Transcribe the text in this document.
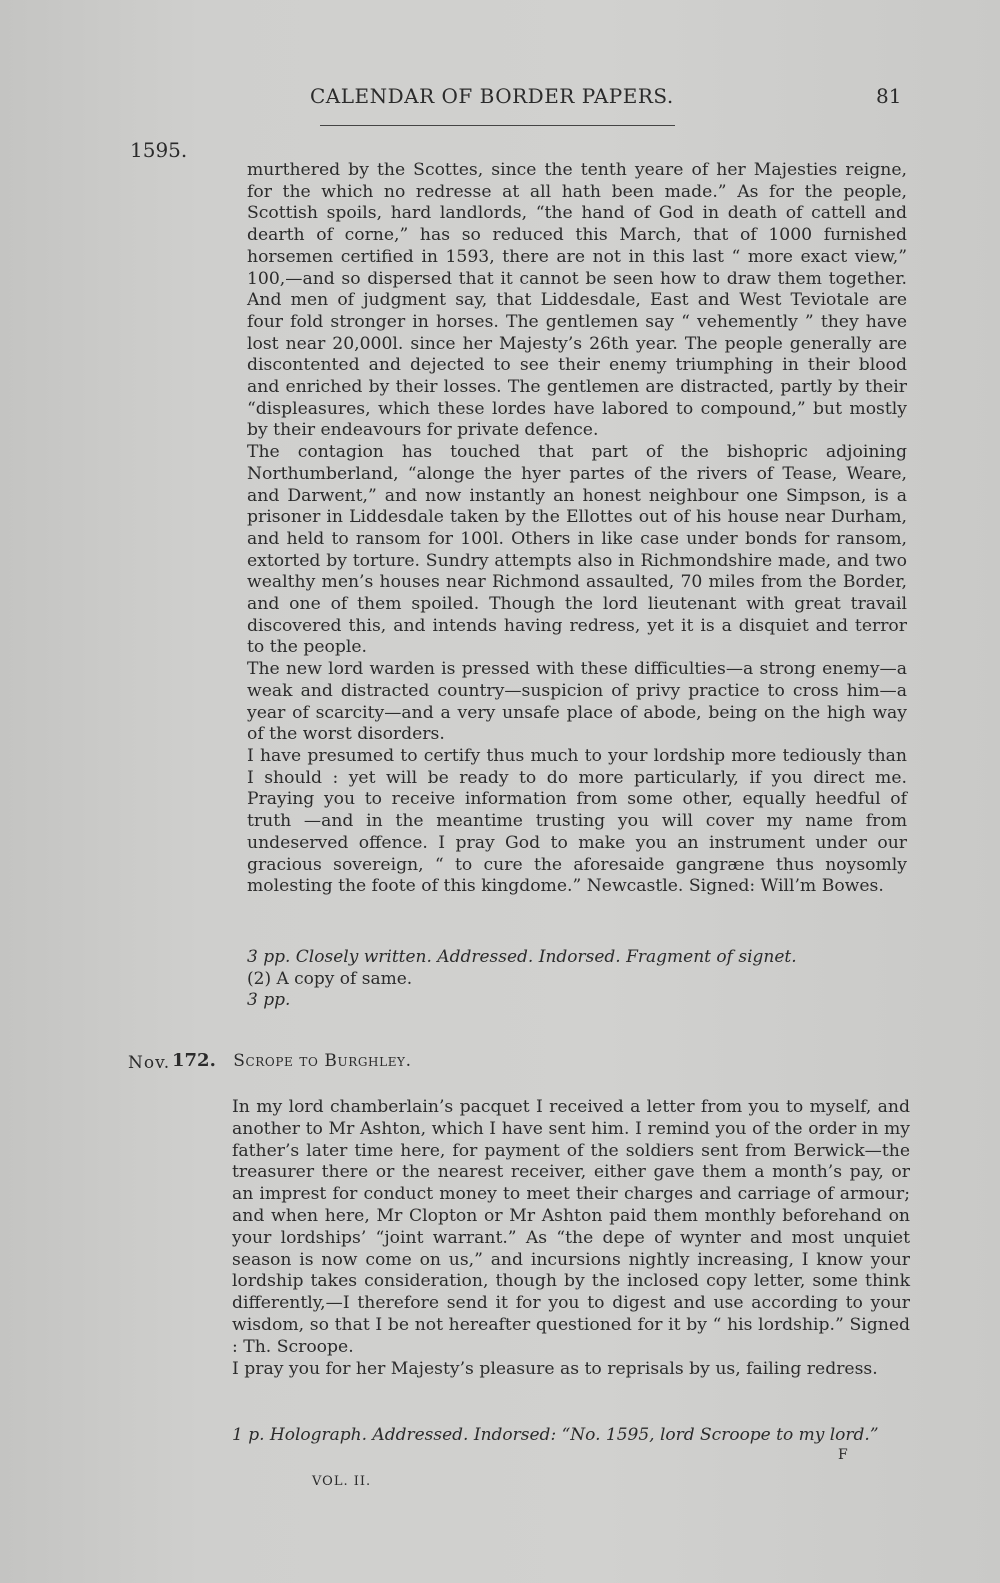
CALENDAR OF BORDER PAPERS.	81
1595.

murthered by the Scottes, since the tenth yeare of her Majesties reigne, for the which no redresse at all hath been made.” As for the people, Scottish spoils, hard landlords, “the hand of God in death of cattell and dearth of corne,” has so reduced this March, that of 1000 furnished horsemen certified in 1593, there are not in this last “ more exact view,” 100,—and so dispersed that it cannot be seen how to draw them together. And men of judgment say, that Liddesdale, East and West Teviotale are four fold stronger in horses. The gentlemen say “ vehemently ” they have lost near 20,000l. since her Majesty’s 26th year. The people generally are discontented and dejected to see their enemy triumphing in their blood and enriched by their losses. The gentlemen are distracted, partly by their “displeasures, which these lordes have labored to compound,” but mostly by their endeavours for private defence.

The contagion has touched that part of the bishopric adjoining Northumberland, “alonge the hyer partes of the rivers of Tease, Weare, and Darwent,” and now instantly an honest neighbour one Simpson, is a prisoner in Liddesdale taken by the Ellottes out of his house near Durham, and held to ransom for 100l. Others in like case under bonds for ransom, extorted by torture. Sundry attempts also in Richmondshire made, and two wealthy men’s houses near Richmond assaulted, 70 miles from the Border, and one of them spoiled. Though the lord lieutenant with great travail discovered this, and intends having redress, yet it is a disquiet and terror to the people.

The new lord warden is pressed with these difficulties—a strong enemy—a weak and distracted country—suspicion of privy practice to cross him—a year of scarcity—and a very unsafe place of abode, being on the high way of the worst disorders.

I have presumed to certify thus much to your lordship more tediously than I should : yet will be ready to do more particularly, if you direct me. Praying you to receive information from some other, equally heedful of truth —and in the meantime trusting you will cover my name from undeserved offence. I pray God to make you an instrument under our gracious sovereign, “ to cure the aforesaide gangræne thus noysomly molesting the foote of this kingdome.” Newcastle. Signed: Will’m Bowes.

3 pp. Closely written. Addressed. Indorsed. Fragment of signet.
(2) A copy of same.
3 pp.
Nov. 172. Scrope to Burghley.

In my lord chamberlain’s pacquet I received a letter from you to myself, and another to Mr Ashton, which I have sent him. I remind you of the order in my father’s later time here, for payment of the soldiers sent from Berwick—the treasurer there or the nearest receiver, either gave them a month’s pay, or an imprest for conduct money to meet their charges and carriage of armour; and when here, Mr Clopton or Mr Ashton paid them monthly beforehand on your lordships’ “joint warrant.” As “the depe of wynter and most unquiet season is now come on us,” and incursions nightly increasing, I know your lordship takes consideration, though by the inclosed copy letter, some think differently,—I therefore send it for you to digest and use according to your wisdom, so that I be not hereafter questioned for it by “ his lordship.” Signed : Th. Scroope.

I pray you for her Majesty’s pleasure as to reprisals by us, failing redress.

1 p. Holograph. Addressed. Indorsed: “No. 1595, lord Scroope to my lord.”
F
VOL. II.
